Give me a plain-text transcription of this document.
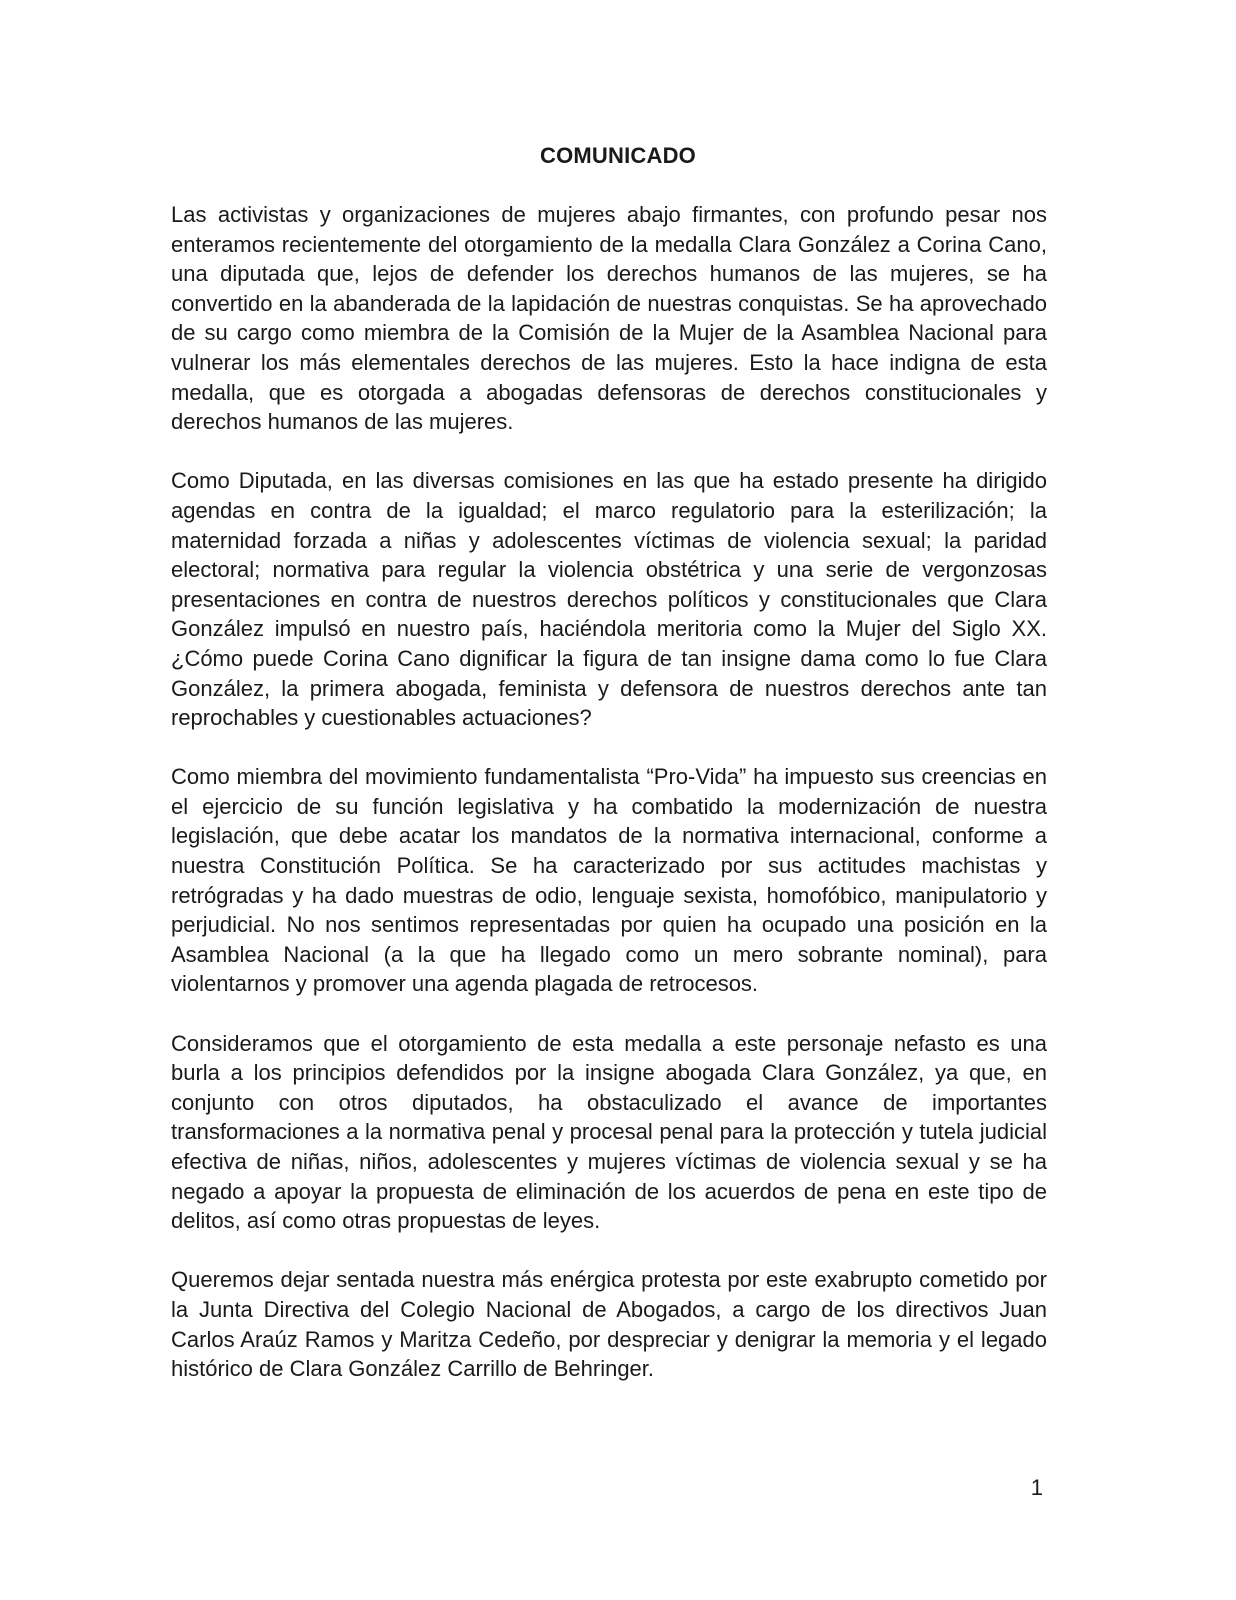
COMUNICADO

Las activistas y organizaciones de mujeres abajo firmantes, con profundo pesar nos enteramos recientemente del otorgamiento de la medalla Clara González a Corina Cano, una diputada que, lejos de defender los derechos humanos de las mujeres, se ha convertido en la abanderada de la lapidación de nuestras conquistas. Se ha aprovechado de su cargo como miembra de la Comisión de la Mujer de la Asamblea Nacional para vulnerar los más elementales derechos de las mujeres. Esto la hace indigna de esta medalla, que es otorgada a abogadas defensoras de derechos constitucionales y derechos humanos de las mujeres.

Como Diputada, en las diversas comisiones en las que ha estado presente ha dirigido agendas en contra de la igualdad; el marco regulatorio para la esterilización; la maternidad forzada a niñas y adolescentes víctimas de violencia sexual; la paridad electoral; normativa para regular la violencia obstétrica y una serie de vergonzosas presentaciones en contra de nuestros derechos políticos y constitucionales que Clara González impulsó en nuestro país, haciéndola meritoria como la Mujer del Siglo XX. ¿Cómo puede Corina Cano dignificar la figura de tan insigne dama como lo fue Clara González, la primera abogada, feminista y defensora de nuestros derechos ante tan reprochables y cuestionables actuaciones?

Como miembra del movimiento fundamentalista “Pro-Vida” ha impuesto sus creencias en el ejercicio de su función legislativa y ha combatido la modernización de nuestra legislación, que debe acatar los mandatos de la normativa internacional, conforme a nuestra Constitución Política. Se ha caracterizado por sus actitudes machistas y retrógradas y ha dado muestras de odio, lenguaje sexista, homofóbico, manipulatorio y perjudicial. No nos sentimos representadas por quien ha ocupado una posición en la Asamblea Nacional (a la que ha llegado como un mero sobrante nominal), para violentarnos y promover una agenda plagada de retrocesos.

Consideramos que el otorgamiento de esta medalla a este personaje nefasto es una burla a los principios defendidos por la insigne abogada Clara González, ya que, en conjunto con otros diputados, ha obstaculizado el avance de importantes transformaciones a la normativa penal y procesal penal para la protección y tutela judicial efectiva de niñas, niños, adolescentes y mujeres víctimas de violencia sexual y se ha negado a apoyar la propuesta de eliminación de los acuerdos de pena en este tipo de delitos, así como otras propuestas de leyes.

Queremos dejar sentada nuestra más enérgica protesta por este exabrupto cometido por la Junta Directiva del Colegio Nacional de Abogados, a cargo de los directivos Juan Carlos Araúz Ramos y Maritza Cedeño, por despreciar y denigrar la memoria y el legado histórico de Clara González Carrillo de Behringer.

1
